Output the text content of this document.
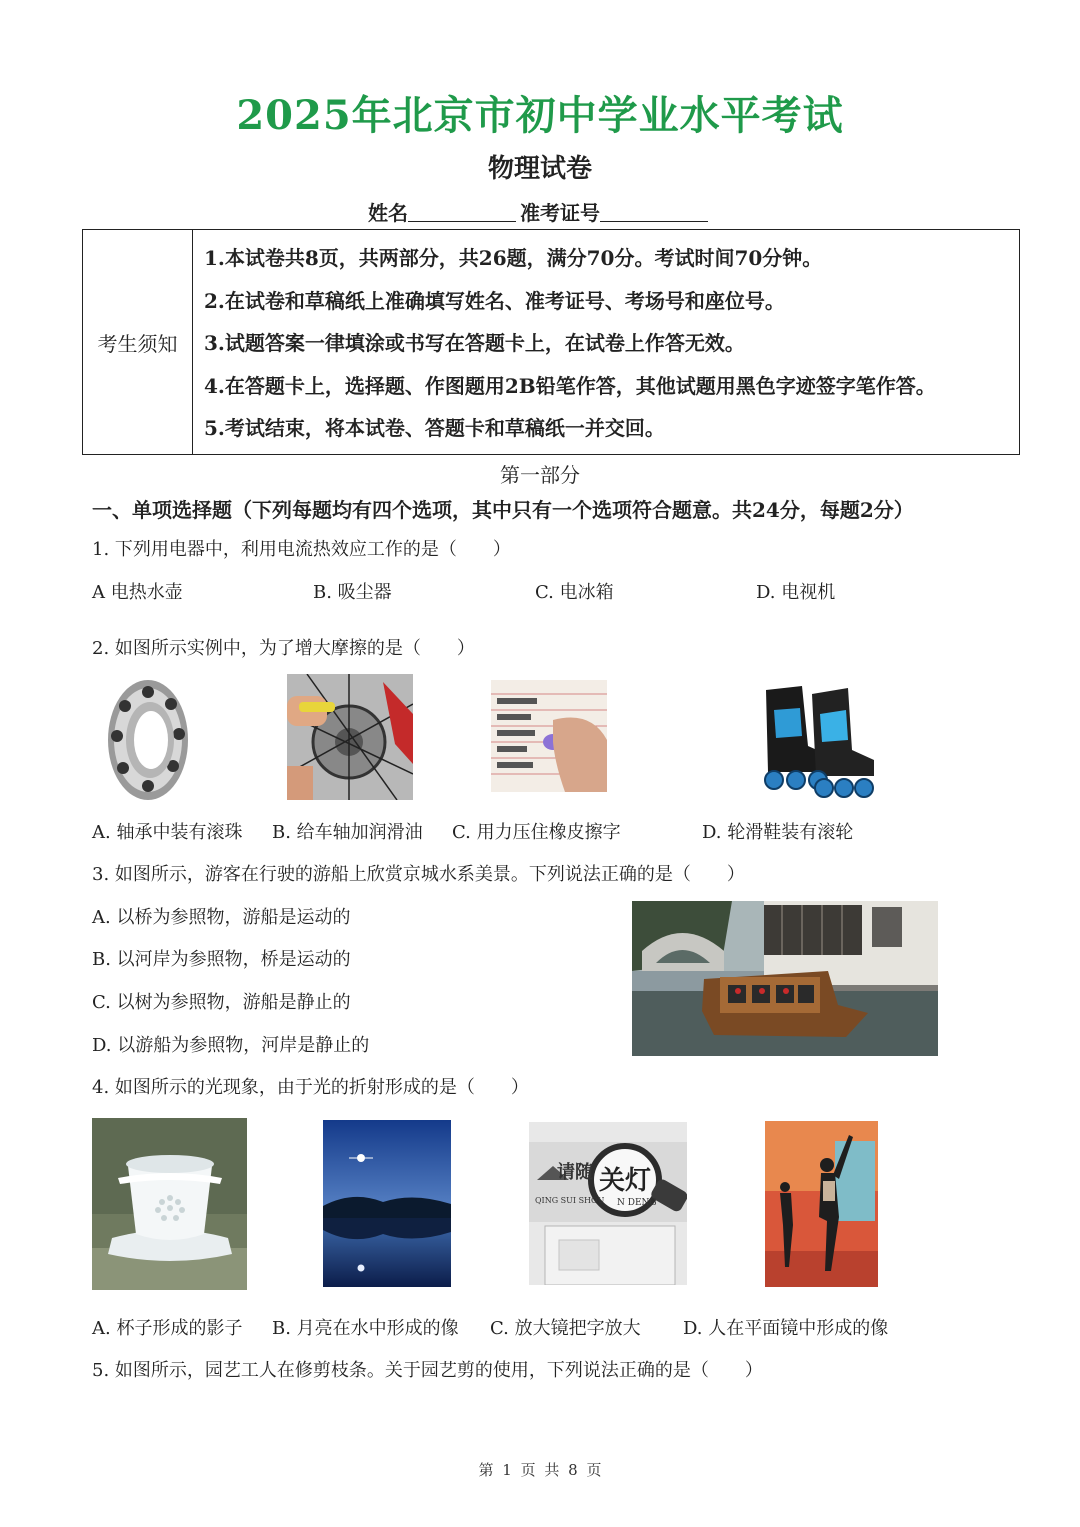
2025年北京市初中学业水平考试
物理试卷
姓名	准考证号
考生须知
1.本试卷共8页，共两部分，共26题，满分70分。考试时间70分钟。
2.在试卷和草稿纸上准确填写姓名、准考证号、考场号和座位号。
3.试题答案一律填涂或书写在答题卡上，在试卷上作答无效。
4.在答题卡上，选择题、作图题用2B铅笔作答，其他试题用黑色字迹签字笔作答。
5.考试结束，将本试卷、答题卡和草稿纸一并交回。
第一部分
一、单项选择题（下列每题均有四个选项，其中只有一个选项符合题意。共24分，每题2分）
1. 下列用电器中，利用电流热效应工作的是（　　）
A 电热水壶	B. 吸尘器	C. 电冰箱	D. 电视机
2. 如图所示实例中，为了增大摩擦的是（　　）
A. 轴承中装有滚珠 B. 给车轴加润滑油 C. 用力压住橡皮擦字	D. 轮滑鞋装有滚轮
3. 如图所示，游客在行驶的游船上欣赏京城水系美景。下列说法正确的是（　　）
A. 以桥为参照物，游船是运动的
B. 以河岸为参照物，桥是运动的
C. 以树为参照物，游船是静止的
D. 以游船为参照物，河岸是静止的
4. 如图所示的光现象，由于光的折射形成的是（　　）
请随 关灯
QING SUI SHOU N DENG
A. 杯子形成的影子 B. 月亮在水中形成的像 C. 放大镜把字放大 D. 人在平面镜中形成的像
5. 如图所示，园艺工人在修剪枝条。关于园艺剪的使用，下列说法正确的是（　　）
第 1 页 共 8 页
